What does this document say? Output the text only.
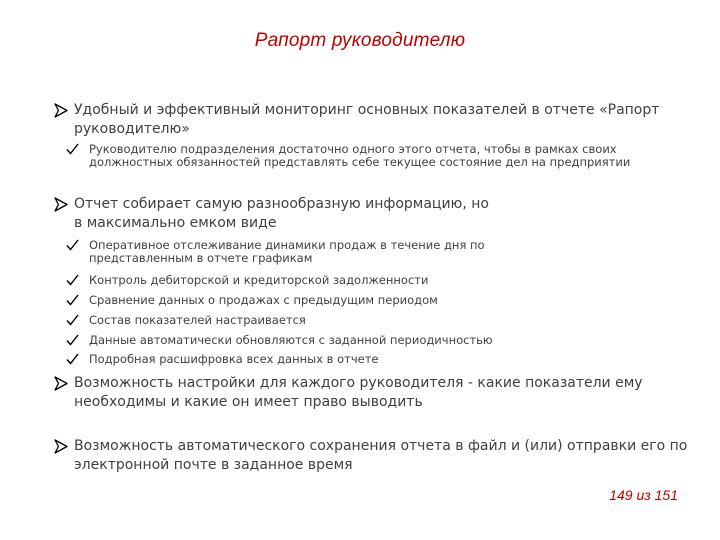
Рапорт руководителю
Удобный и эффективный мониторинг основных показателей в отчете «Рапорт руководителю»
Руководителю подразделения достаточно одного этого отчета, чтобы в рамках своих должностных обязанностей представлять себе текущее состояние дел на предприятии
Отчет собирает самую разнообразную информацию, но в максимально емком виде
Оперативное отслеживание динамики продаж в течение дня по представленным в отчете графикам
Контроль дебиторской и кредиторской задолженности
Сравнение данных о продажах с предыдущим периодом
Состав показателей настраивается
Данные автоматически обновляются с заданной периодичностью
Подробная расшифровка всех данных в отчете
Возможность настройки для каждого руководителя - какие показатели ему необходимы и какие он имеет право выводить
Возможность автоматического сохранения отчета в файл и (или) отправки его по электронной почте в заданное время
149 из 151
